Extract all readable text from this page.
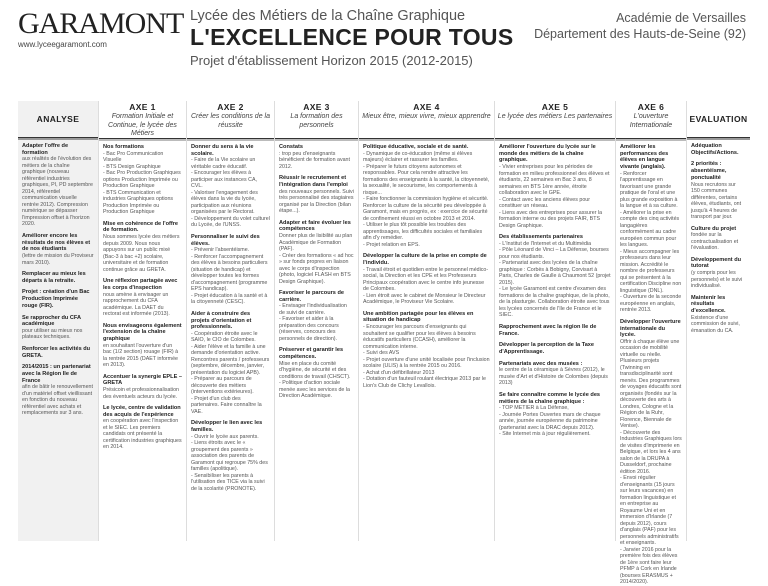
GARAMONT
www.lyceegaramont.com
Lycée des Métiers de la Chaîne Graphique
L'EXCELLENCE POUR TOUS
Projet d'établissement Horizon 2015 (2012-2015)
Académie de Versailles
Département des Hauts-de-Seine (92)
ANALYSE
Adapter l'offre de formation
aux réalités de l'évolution des métiers de la chaîne graphique (nouveau référentiel industries graphiques, PI, PD septembre 2014, référentiel communication visuelle rentrée 2012). Compression numérique se dépasser l'impression offset à l'horizon 2020.
Améliorer encore les résultats de nos élèves et de nos étudiants
(lettre de mission du Proviseur mars 2010).
Remplacer au mieux les départs à la retraite.
Projet : création d'un Bac Production Imprimée rouge (FIR).
Se rapprocher du CFA académique
pour utiliser au mieux nos plateaux techniques.
Renforcer les activités du GRETA.
2014/2015 : un partenariat avec la Région Ile de France
afin de bâtir le renouvellement d'un matériel offset vieillissant en fonction du nouveau référentiel avec achats et remplacements sur 3 ans.
AXE 1
Formation Initiale et Continue, le lycée des Métiers
Nos formations
- Bac Pro Communication Visuelle
- BTS Design Graphique
- Bac Pro Production Graphiques options Production Imprimée ou Production Graphique
- BTS Communication et industries Graphiques options Production Imprimée ou Production Graphique
Mise en cohérence de l'offre de formation.
Nous sommes lycée des métiers depuis 2009. Nous nous appuyons sur un public mixé (Bac-3 à bac +2) scolaire, universitaire et de formation continue grâce au GRETA.
Une réflexion partagée avec les corps d'inspection
nous amène à envisager un rapprochement du CFA académique. La DAET du rectorat est informée (2013).
Nous envisageons également l'extension de la chaîne graphique
en souhaitant l'ouverture d'un bac (1/2 section) rouage (FIR) à la rentrée 2015 (DAET informée en 2013).
Accentuer la synergie EPLE – GRETA
Présicoin et professionnalisation des éventuels acteurs du lycée.
Le lycée, centre de validation des acquis de l'expérience
en coopération avec l'inspection et le SIEC. Les premiers candidats ont présenté la certification industries graphiques en 2014.
AXE 2
Créer les conditions de la réussite
Donner du sens à la vie scolaire.
- Faire de la Vie scolaire un véritable cadre éducatif.
- Encourager les élèves à participer aux instances CA, CVL.
- Valoriser l'engagement des élèves dans la vie du lycée, participation aux réunions organisées par le Rectorat.
- Développement du volet culturel du Lycée, de l'UNSS.
Personnaliser le suivi des élèves.
- Prévenir l'absentéisme.
- Renforcer l'accompagnement des élèves à besoins particuliers (situation de handicap) et développer toutes les formes d'accompagnement (programme EPS handicap).
- Projet éducation à la santé et à la citoyenneté (CESC).
Aider à construire des projets d'orientation et professionnels.
- Coopération étroite avec le SAIO, le CIO de Colombes.
- Aider l'élève et la famille à une demande d'orientation active. Rencontres parents / professeurs (septembre, décembre, janvier, présentation du logiciel APB).
- Préparer au parcours de découverte des métiers (interventions extérieures).
- Projet d'un club des partenaires. Faire connaître la VAE.
Développer le lien avec les familles.
- Ouvrir le lycée aux parents.
- Liens étroits avec le « groupement des parents » association des parents de Garamont qui regroupe 75% des familles (apolitique).
- Sensibiliser les parents à l'utilisation des TICE via la suivi de la scolarité (PRONOTE).
AXE 3
La formation des personnels
Constats
: trop peu d'enseignants bénéficient de formation avant 2012.
Réussir le recrutement et l'intégration dans l'emploi
des nouveaux personnels. Suivi très personnalisé des stagiaires organisé par la Direction (bilan étape...).
Adapter et faire évoluer les compétences
Donner plus de lisibilité au plan Académique de Formation (PAF).
- Créer des formations « ad hoc » sur fonds propres en liaison avec le corps d'inspection (photo, logiciel FLASH en BTS Design Graphique).
Favoriser le parcours de carrière.
- Envisager l'individualisation de suivi de carrière.
- Favoriser et aider à la préparation des concours (réserves, concours des personnels de direction).
Préserver et garantir les compétences.
Mise en place du comité d'hygiène, de sécurité et des conditions de travail (CHSCT).
- Politique d'action sociale menée avec les services de la Direction Académique.
AXE 4
Mieux être, mieux vivre, mieux apprendre
Politique éducative, sociale et de santé.
- Dynamique de co-éducation (même si élèves majeurs) éclairer et rassurer les familles.
- Préparer le futurs citoyens autonomes et responsables. Pour cela rendre attractive les formations des enseignants à la santé, la citoyenneté, la sexualité, le secourisme, les comportements à risque...
- Faire fonctionner la commission hygiène et sécurité. Renforcer la culture de la sécurité peu développée à Garamont, mais en progrès, ex : exercice de sécurité de confinement réussi en octobre 2013 et 2014.
- Utiliser le plus tôt possible les troubles des apprentissages, les difficultés sociales et familiales afin d'y remédier.
- Projet relation en EPS.
Développer la culture de la prise en compte de l'individu.
- Travail étroit et quotidien entre le personnel médico-social, la Direction et les CPE et les Professeurs Principaux coopération avec le centre info jeunesse de Colombes.
- Lien étroit avec le cabinet de Monsieur le Directeur Académique, le Proviseur Vie Scolaire.
Une ambition partagée pour les élèves en situation de handicap
- Encourager les parcours d'enseignants qui souhaitent se qualifier pour les élèves à besoins éducatifs particuliers (CCASH), améliorer la communication interne.
- Suivi des AVS
- Projet ouverture d'une unité localisée pour l'inclusion scolaire (ULIS) à la rentrée 2015 ou 2016.
- Achat d'un défibrillateur 2013
- Dotation d'un fauteuil roulant électrique 2013 par le Lion's Club de Clichy Levallois.
AXE 5
Le lycée des métiers Les partenaires
Améliorer l'ouverture du lycée sur le monde des métiers de la chaîne graphique.
- Vivier entreprises pour les périodes de formation en milieu professionnel des élèves et étudiants, 22 semaines en Bac 3 ans, 8 semaines en BTS 1ère année, étroite collaboration avec le GPE.
- Contact avec les anciens élèves pour constituer un réseau.
- Liens avec des entreprises pour assurer la formation interne ou des projets FAIR, BTS Design Graphique.
Des établissements partenaires
- L'Institut de l'Internet et du Multimédia
- Pôle Léonard de Vinci – La Défense, bourses pour nos étudiants.
- Partenariat avec des lycées de la chaîne graphique : Corbès à Bobigny, Corvisart à Paris, Charles de Gaulle à Chaumont 52 (projet 2015).
- Le lycée Garamont est centre d'examen des formations de la chaîne graphique, de la photo, de la plasturgie. Collaboration étroite avec tous les lycées concernés de l'Ile de France et le SIEC.
Rapprochement avec la région Ile de France.
Développer la perception de la Taxe d'Apprentissage.
Partenariats avec des musées :
le centre de la céramique à Sèvres (2012), le musée d'Art et d'Histoire de Colombes (depuis 2013)
Se faire connaître comme le lycée des métiers de la chaîne graphique :
- TOP METIER à La Défense,
- Journée Portes Ouvertes mars de chaque année, journée européenne du patrimoine (partenariat avec la DRAC depuis 2012).
- Site Internet mis à jour régulièrement.
AXE 6
L'ouverture Internationale
Améliorer les performances des élèves en langue vivante (anglais).
- Renforcer l'apprentissage en favorisant une grande pratique de l'oral et une plus grande exposition à la langue et à sa culture.
- Améliorer la prise en compte des cinq activités langagières conformément au cadre européen commun pour les langues.
- Mieux accompagner les professeurs dans leur mission. Accrédité le nombre de professeurs qui se présentent à la certification Discipline non linguistique (DNL).
- Ouverture de la seconde européenne en anglais, rentrée 2013.
Développer l'ouverture internationale du lycée.
Offrir à chaque élève une occasion de mobilité virtuelle ou réelle. Plusieurs projets (Twinning en transdisciplinarité sont menés. Des programmes de voyages éducatifs sont organisés (fondés sur la découverte des arts à Londres, Cologne et la Région de la Ruhr, Florence, Biennale de Venise).
- Découverte des Industries Graphiques lors de visites d'imprimerie en Belgique, et lors les 4 ans salon de la DRUPA à Dusseldorf, prochaine édition 2016.
- Envoi régulier d'enseignants (15 jours sur leurs vacances) en formation linguistique et en entreprise au Royaume Uni et en immersion d'Irlande (7 depuis 2012), cours d'anglais (PAF) pour les personnels administratifs et enseignants.
- Janvier 2016 pour la première fois des élèves de 1ère sont faire leur PFMP à Cork en Irlande (bourses ERASMUS + 2014/2020).
EVALUATION
Adéquation Objectifs/Actions.
2 priorités : absentéisme, ponctualité
Nous recrutons sur 150 communes différentes, certains élèves, étudiants, ont jusqu'à 4 heures de transport par jour.
Culture du projet
fondée sur la contractualisation et l'évaluation.
Développement du tutorat
(y compris pour les personnels) et le suivi individualisé.
Maintenir les résultats d'excellence.
Existence d'une commission de suivi, émanation du CA.
